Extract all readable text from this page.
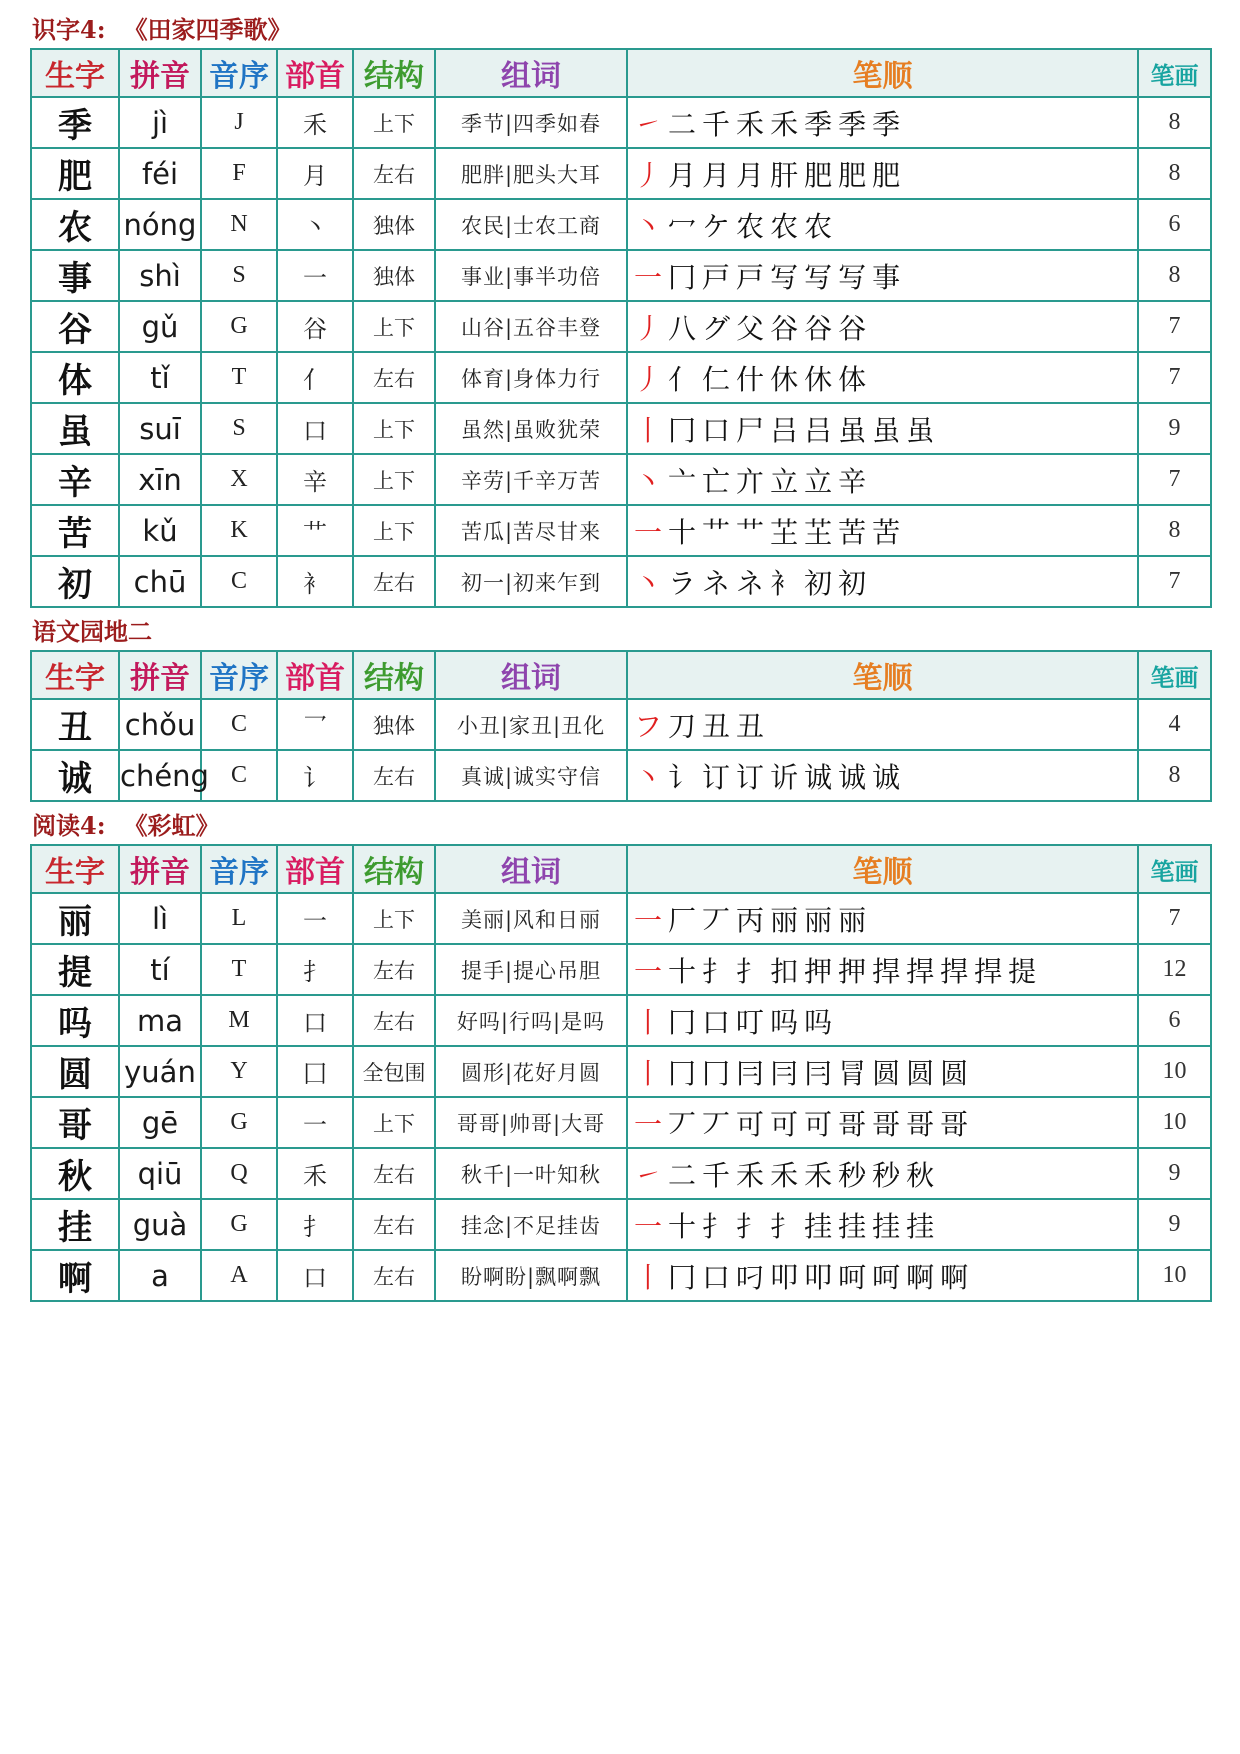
识字4: 《田家四季歌》
生字	拼音	音序	部首	结构	组词	笔顺	笔画
季	jì	J	禾	上下	季节|四季如春	㇀ 二 千 禾 禾 季 季 季	8
肥	féi	F	月	左右	肥胖|肥头大耳	丿 月 月 月 肝 肥 肥 肥	8
农	nóng	N	丶	独体	农民|士农工商	丶 冖 ケ 农 农 农	6
事	shì	S	一	独体	事业|事半功倍	一 冂 戸 戸 写 写 写 事	8
谷	gǔ	G	谷	上下	山谷|五谷丰登	丿 八 グ 父 谷 谷 谷	7
体	tǐ	T	亻	左右	体育|身体力行	丿 亻 仁 什 休 休 体	7
虽	suī	S	口	上下	虽然|虽败犹荣	丨 冂 口 尸 吕 吕 虽 虽 虽	9
辛	xīn	X	辛	上下	辛劳|千辛万苦	丶 亠 亡 亣 立 立 辛	7
苦	kǔ	K	艹	上下	苦瓜|苦尽甘来	一 十 艹 艹 芏 芏 苦 苦	8
初	chū	C	衤	左右	初一|初来乍到	丶 ラ ネ ネ 衤 初 初	7
语文园地二
生字	拼音	音序	部首	结构	组词	笔顺	笔画
丑	chǒu	C	乛	独体	小丑|家丑|丑化	フ 刀 丑 丑	4
诚	chéng	C	讠	左右	真诚|诚实守信	丶 讠 订 订 䜣 诚 诚 诚	8
阅读4: 《彩虹》
生字	拼音	音序	部首	结构	组词	笔顺	笔画
丽	lì	L	一	上下	美丽|风和日丽	一 厂 丆 丙 丽 丽 丽	7
提	tí	T	扌	左右	提手|提心吊胆	一 十 扌 扌 扣 押 押 捍 捍 捍 捍 提	12
吗	ma	M	口	左右	好吗|行吗|是吗	丨 冂 口 叮 吗 吗	6
圆	yuán	Y	囗	全包围	圆形|花好月圆	丨 冂 冂 冃 冃 冃 冐 圆 圆 圆	10
哥	gē	G	一	上下	哥哥|帅哥|大哥	一 丆 丆 可 可 可 哥 哥 哥 哥	10
秋	qiū	Q	禾	左右	秋千|一叶知秋	㇀ 二 千 禾 禾 禾 秒 秒 秋	9
挂	guà	G	扌	左右	挂念|不足挂齿	一 十 扌 扌 扌 挂 挂 挂 挂	9
啊	a	A	口	左右	盼啊盼|飘啊飘	丨 冂 口 叼 叩 叩 呵 呵 啊 啊	10
